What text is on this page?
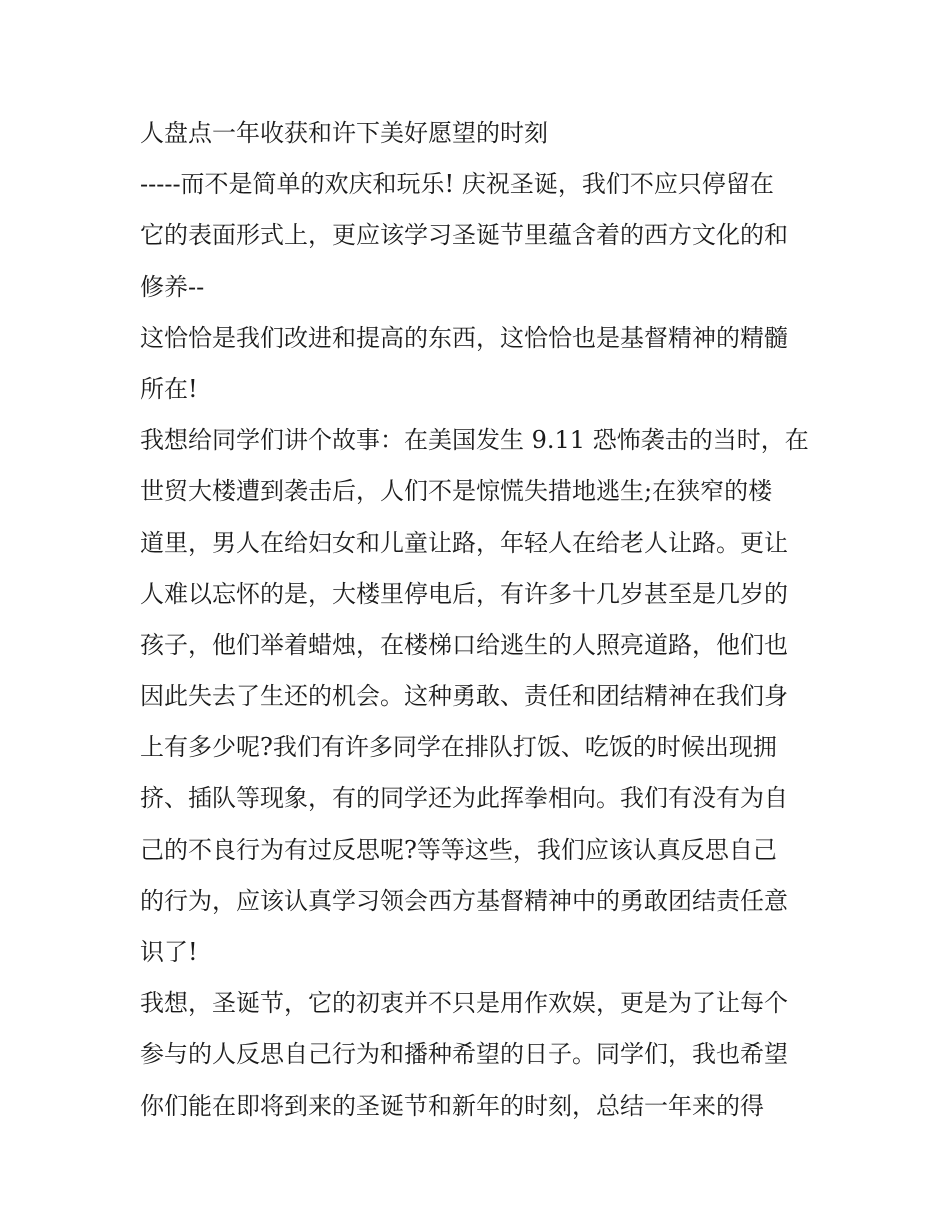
人盘点一年收获和许下美好愿望的时刻
-----而不是简单的欢庆和玩乐! 庆祝圣诞，我们不应只停留在
它的表面形式上，更应该学习圣诞节里蕴含着的西方文化的和
修养--
这恰恰是我们改进和提高的东西，这恰恰也是基督精神的精髓
所在!
我想给同学们讲个故事：在美国发生 9.11 恐怖袭击的当时，在
世贸大楼遭到袭击后，人们不是惊慌失措地逃生;在狭窄的楼
道里，男人在给妇女和儿童让路，年轻人在给老人让路。更让
人难以忘怀的是，大楼里停电后，有许多十几岁甚至是几岁的
孩子，他们举着蜡烛，在楼梯口给逃生的人照亮道路，他们也
因此失去了生还的机会。这种勇敢、责任和团结精神在我们身
上有多少呢?我们有许多同学在排队打饭、吃饭的时候出现拥
挤、插队等现象，有的同学还为此挥拳相向。我们有没有为自
己的不良行为有过反思呢?等等这些，我们应该认真反思自己
的行为，应该认真学习领会西方基督精神中的勇敢团结责任意
识了!
我想，圣诞节，它的初衷并不只是用作欢娱，更是为了让每个
参与的人反思自己行为和播种希望的日子。同学们，我也希望
你们能在即将到来的圣诞节和新年的时刻，总结一年来的得
